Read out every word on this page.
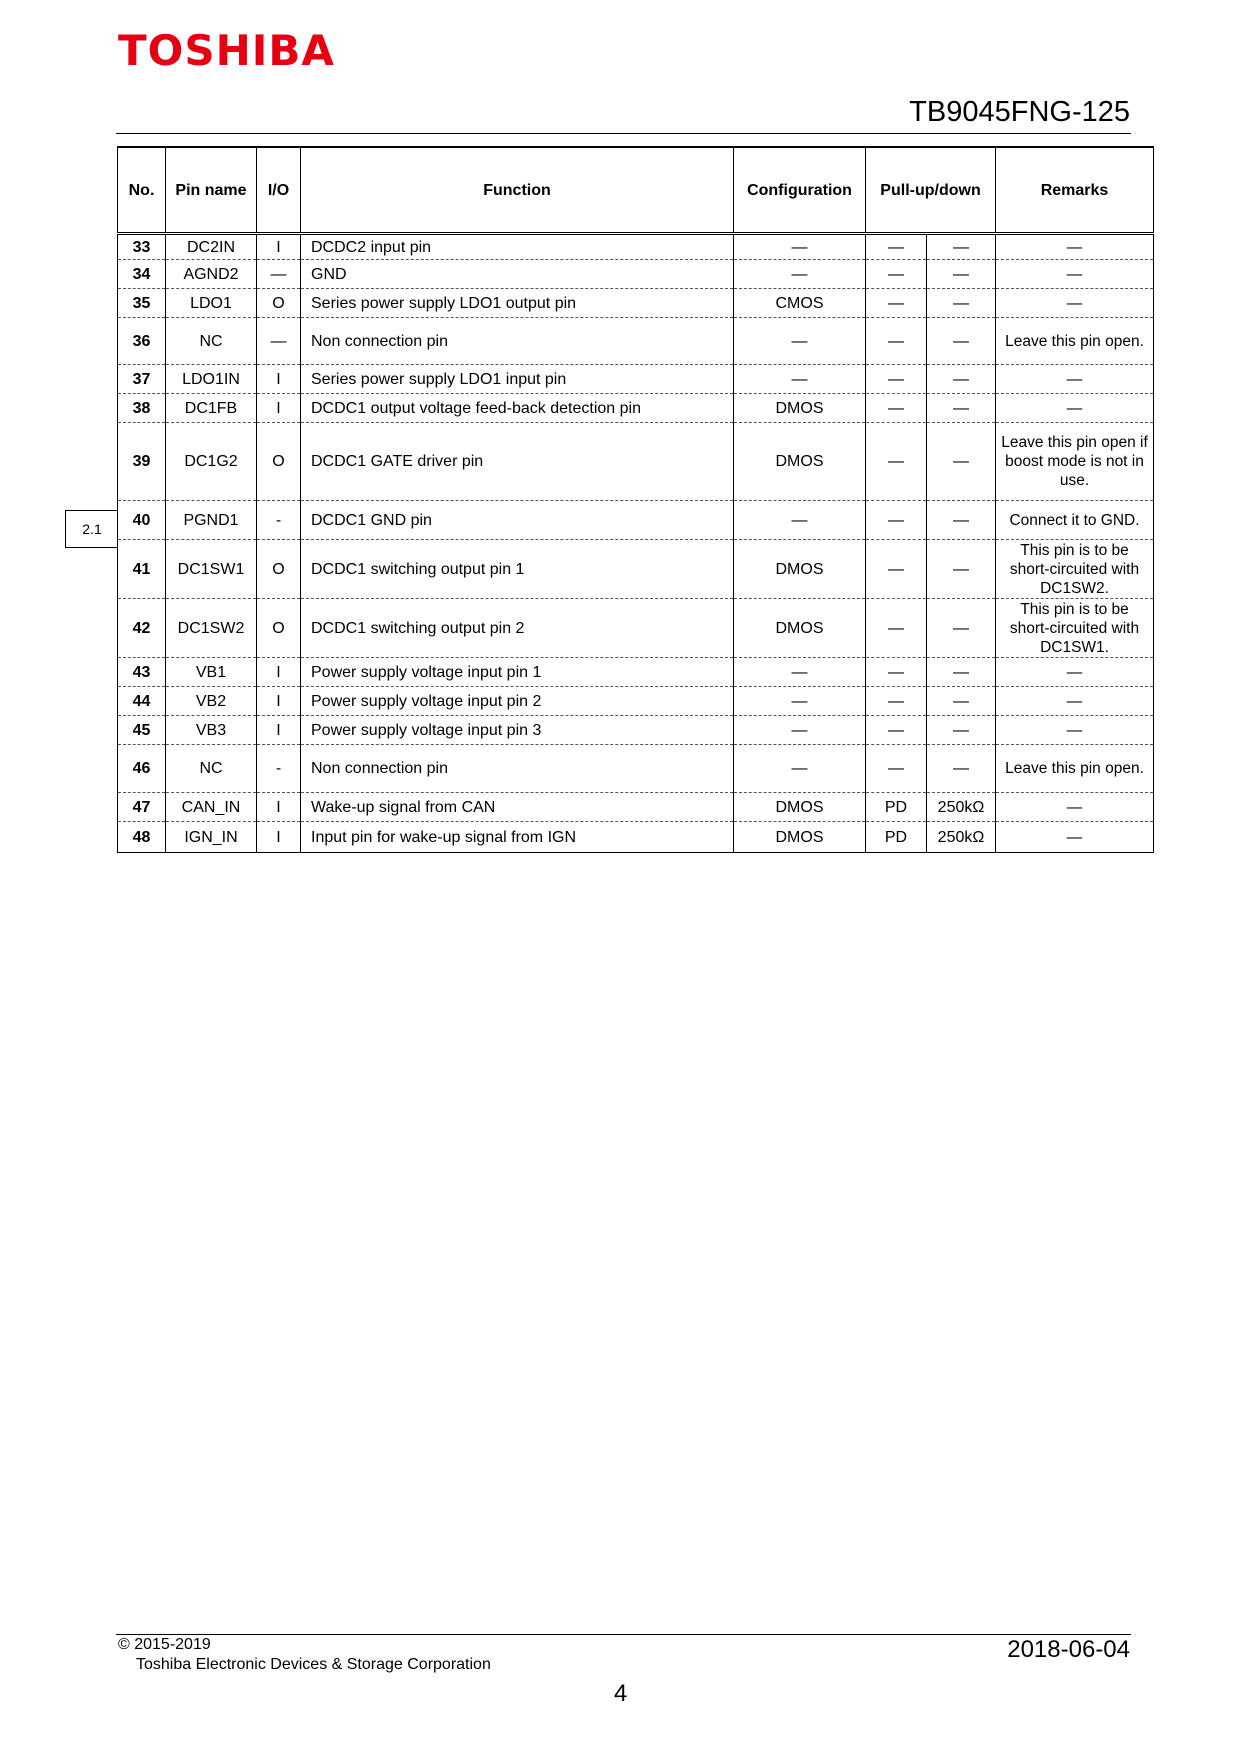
TOSHIBA
TB9045FNG-125
2.1
No.	Pin name	I/O	Function	Configuration	Pull-up/down		Remarks
33	DC2IN	I	DCDC2 input pin	—	—	—	—
34	AGND2	—	GND	—	—	—	—
35	LDO1	O	Series power supply LDO1 output pin	CMOS	—	—	—
36	NC	—	Non connection pin	—	—	—	Leave this pin open.
37	LDO1IN	I	Series power supply LDO1 input pin	—	—	—	—
38	DC1FB	I	DCDC1 output voltage feed-back detection pin	DMOS	—	—	—
39	DC1G2	O	DCDC1 GATE driver pin	DMOS	—	—	Leave this pin open if boost mode is not in use.
40	PGND1	-	DCDC1 GND pin	—	—	—	Connect it to GND.
41	DC1SW1	O	DCDC1 switching output pin 1	DMOS	—	—	This pin is to be short-circuited with DC1SW2.
42	DC1SW2	O	DCDC1 switching output pin 2	DMOS	—	—	This pin is to be short-circuited with DC1SW1.
43	VB1	I	Power supply voltage input pin 1	—	—	—	—
44	VB2	I	Power supply voltage input pin 2	—	—	—	—
45	VB3	I	Power supply voltage input pin 3	—	—	—	—
46	NC	-	Non connection pin	—	—	—	Leave this pin open.
47	CAN_IN	I	Wake-up signal from CAN	DMOS	PD	250kΩ	—
48	IGN_IN	I	Input pin for wake-up signal from IGN	DMOS	PD	250kΩ	—
© 2015-2019
Toshiba Electronic Devices & Storage Corporation
2018-06-04
4
